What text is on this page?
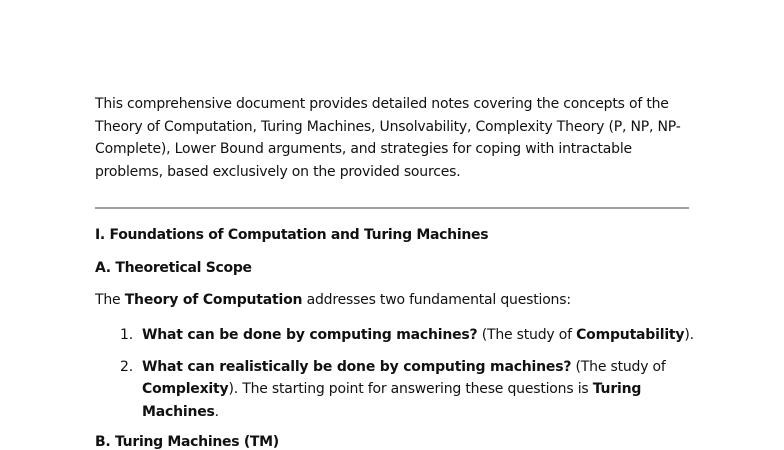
This comprehensive document provides detailed notes covering the concepts of the
Theory of Computation, Turing Machines, Unsolvability, Complexity Theory (P, NP, NP-
Complete), Lower Bound arguments, and strategies for coping with intractable
problems, based exclusively on the provided sources.

I. Foundations of Computation and Turing Machines
A. Theoretical Scope

The Theory of Computation addresses two fundamental questions:

1. What can be done by computing machines? (The study of Computability).
2. What can realistically be done by computing machines? (The study of
Complexity). The starting point for answering these questions is Turing
Machines.
B. Turing Machines (TM)
